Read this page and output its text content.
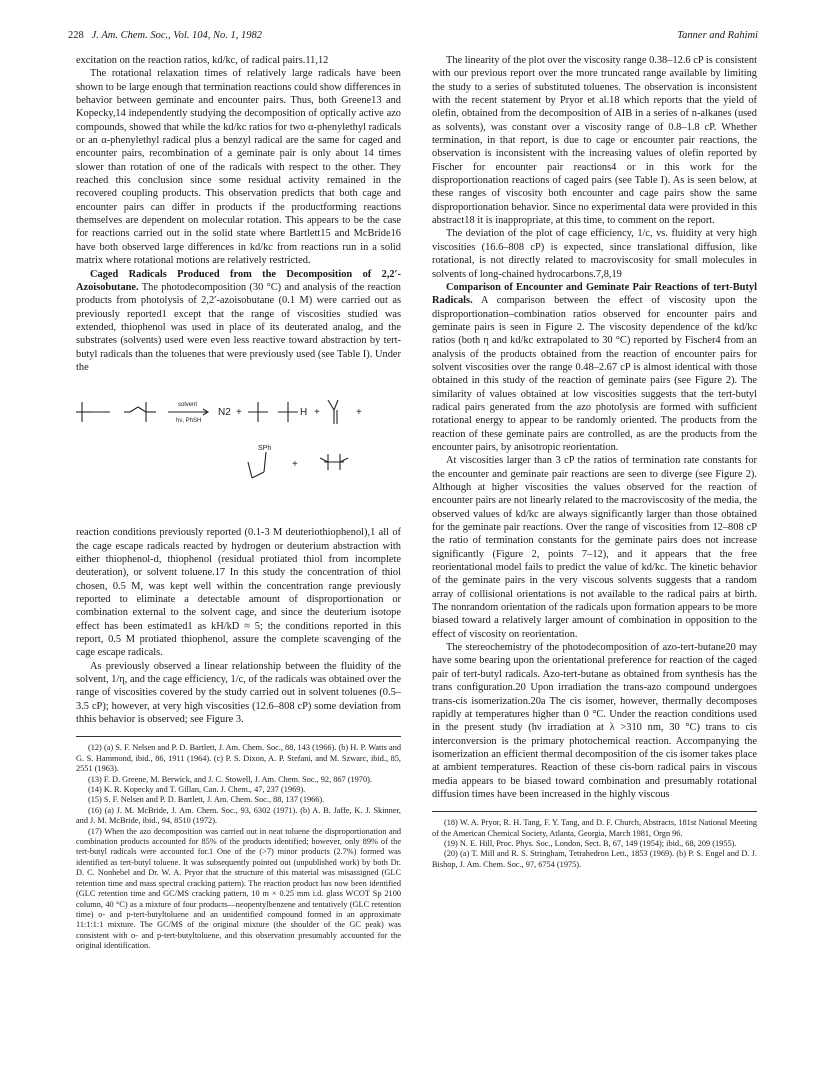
228 J. Am. Chem. Soc., Vol. 104, No. 1, 1982	Tanner and Rahimi

excitation on the reaction ratios, kd/kc, of radical pairs.11,12

The rotational relaxation times of relatively large radicals have been shown to be large enough that termination reactions could show differences in behavior between geminate and encounter pairs. Thus, both Greene13 and Kopecky,14 independently studying the decomposition of optically active azo compounds, showed that while the kd/kc ratios for two α-phenylethyl radicals or an α-phenylethyl radical plus a benzyl radical are the same for caged and encounter pairs, recombination of a geminate pair is only about 14 times slower than rotation of one of the radicals with respect to the other. They reached this conclusion since some residual activity remained in the recovered coupling products. This observation predicts that both cage and encounter pairs can differ in products if the productforming reactions themselves are dependent on molecular rotation. This appears to be the case for reactions carried out in the solid state where Bartlett15 and McBride16 have both observed large differences in kd/kc from reactions run in a solid matrix where rotational motions are relatively restricted.

Caged Radicals Produced from the Decomposition of 2,2′-Azoisobutane. The photodecomposition (30 °C) and analysis of the reaction products from photolysis of 2,2′-azoisobutane (0.1 M) were carried out as previously reported1 except that the range of viscosities studied was extended, thiophenol was used in place of its deuterated analog, and the substrates (solvents) used were even less reactive toward abstraction by tert-butyl radicals than the toluenes that were previously used (see Table I). Under the

solvent
hν, PhSH
N2 +	H +	+
SPh
+

reaction conditions previously reported (0.1-3 M deuteriothiophenol),1 all of the cage escape radicals reacted by hydrogen or deuterium abstraction with either thiophenol-d, thiophenol (residual protiated thiol from incomplete deuteration), or solvent toluene.17 In this study the concentration of thiol chosen, 0.5 M, was kept well within the concentration range previously reported to eliminate a detectable amount of disproportionation or combination external to the solvent cage, and since the deuterium isotope effect has been estimated1 as kH/kD ≈ 5; the conditions reported in this report, 0.5 M protiated thiophenol, assure the complete scavenging of the cage escape radicals.

As previously observed a linear relationship between the fluidity of the solvent, 1/η, and the cage efficiency, 1/c, of the radicals was obtained over the range of viscosities covered by the study carried out in solvent toluenes (0.5–3.5 cP); however, at very high viscosities (12.6–808 cP) some deviation from thhis behavior is observed; see Figure 3.

(12) (a) S. F. Nelsen and P. D. Bartlett, J. Am. Chem. Soc., 88, 143 (1966). (b) H. P. Watts and G. S. Hammond, ibid., 86, 1911 (1964). (c) P. S. Dixon, A. P. Stefani, and M. Szwarc, ibid., 85, 2551 (1963).

(13) F. D. Greene, M. Berwick, and J. C. Stowell, J. Am. Chem. Soc., 92, 867 (1970).

(14) K. R. Kopecky and T. Gillan, Can. J. Chem., 47, 237 (1969).

(15) S. F. Nelsen and P. D. Bartlett, J. Am. Chem. Soc., 88, 137 (1966).

(16) (a) J. M. McBride, J. Am. Chem. Soc., 93, 6302 (1971). (b) A. B. Jaffe, K. J. Skinner, and J. M. McBride, ibid., 94, 8510 (1972).

(17) When the azo decomposition was carried out in neat toluene the disproportionation and combination products accounted for 85% of the products identified; however, only 89% of the tert-butyl radicals were accounted for.1 One of the (>7) minor products (2.7%) formed was identified as tert-butyl toluene. It was subsequently pointed out (unpublished work) by both Dr. D. C. Nonhebel and Dr. W. A. Pryor that the structure of this material was misassigned (GLC retention time and mass spectral cracking pattern). The reaction product has now been identified (GLC retention time and GC/MS cracking pattern, 10 m × 0.25 mm i.d. glass WCOT Sp 2100 column, 40 °C) as a mixture of four products—neopentylbenzene and tentatively (GLC retention time) o- and p-tert-butyltoluene and an unidentified compound formed in an approximate 11:1:1:1 mixture. The GC/MS of the original mixture (the shoulder of the GC peak) was consistent with o- and p-tert-butyltoluene, and this observation presumably accounted for the original identification.

The linearity of the plot over the viscosity range 0.38–12.6 cP is consistent with our previous report over the more truncated range available by limiting the study to a series of substituted toluenes. The observation is inconsistent with the recent statement by Pryor et al.18 which reports that the yield of olefin, obtained from the decomposition of AIB in a series of n-alkanes (used as solvents), was constant over a viscosity range of 0.8–1.8 cP. Whether termination, in that report, is due to cage or encounter pair reactions, the observation is inconsistent with the increasing values of olefin reported by Fischer for encounter pair reactions4 or in this work for the disproportionation reactions of caged pairs (see Table I). As is seen below, at these ranges of viscosity both encounter and cage pairs show the same disproportionation behavior. Since no experimental data were provided in this abstract18 it is inappropriate, at this time, to comment on the report.

The deviation of the plot of cage efficiency, 1/c, vs. fluidity at very high viscosities (16.6–808 cP) is expected, since translational diffusion, like rotational, is not directly related to macroviscosity for small molecules in solvents of long-chained hydrocarbons.7,8,19

Comparison of Encounter and Geminate Pair Reactions of tert-Butyl Radicals. A comparison between the effect of viscosity upon the disproportionation–combination ratios observed for encounter pairs and geminate pairs is seen in Figure 2. The viscosity dependence of the kd/kc ratios (both η and kd/kc extrapolated to 30 °C) reported by Fischer4 from an analysis of the products obtained from the reaction of encounter pairs for solvent viscosities over the range 0.48–2.67 cP is almost identical with those obtained in this study of the reaction of geminate pairs (see Figure 2). The similarity of values obtained at low viscosities suggests that the tert-butyl radical pairs generated from the azo photolysis are formed with sufficient rotational energy to appear to be randomly oriented. The products from the reaction of these geminate pairs are controlled, as are the products from the encounter pairs, by anisotropic reorientation.

At viscosities larger than 3 cP the ratios of termination rate constants for the encounter and geminate pair reactions are seen to diverge (see Figure 2). Although at higher viscosities the values observed for the reaction of encounter pairs are not linearly related to the macroviscosity of the media, the observed values of kd/kc are always significantly larger than those obtained for the geminate pair reactions. Over the range of viscosities from 12–808 cP the ratio of termination constants for the geminate pairs does not increase significantly (Figure 2, points 7–12), and it appears that the free reorientational model fails to predict the value of kd/kc. The kinetic behavior of the geminate pairs in the very viscous solvents suggests that a random array of collisional orientations is not available to the radical pairs at birth. The nonrandom orientation of the radicals upon formation appears to be more biased toward a relatively larger amount of combination in opposition to the effect of viscosity on reorientation.

The stereochemistry of the photodecomposition of azo-tert-butane20 may have some bearing upon the orientational preference for reaction of the caged pair of tert-butyl radicals. Azo-tert-butane as obtained from synthesis has the trans configuration.20 Upon irradiation the trans-azo compound undergoes trans-cis isomerization.20a The cis isomer, however, thermally decomposes rapidly at temperatures higher than 0 °C. Under the reaction conditions used in the present study (hν irradiation at λ >310 nm, 30 °C) trans to cis interconversion is the primary photochemical reaction. Accompanying the isomerization an efficient thermal decomposition of the cis isomer takes place at ambient temperatures. Reaction of these cis-born radical pairs in viscous media appears to be biased toward combination and presumably rotational diffusion times have been increased in the highly viscous

(18) W. A. Pryor, R. H. Tang, F. Y. Tang, and D. F. Church, Abstracts, 181st National Meeting of the American Chemical Society, Atlanta, Georgia, March 1981, Orgn 96.

(19) N. E. Hill, Proc. Phys. Soc., London, Sect. B, 67, 149 (1954); ibid., 68, 209 (1955).

(20) (a) T. Mill and R. S. Stringham, Tetrahedron Lett., 1853 (1969). (b) P. S. Engel and D. J. Bishop, J. Am. Chem. Soc., 97, 6754 (1975).
